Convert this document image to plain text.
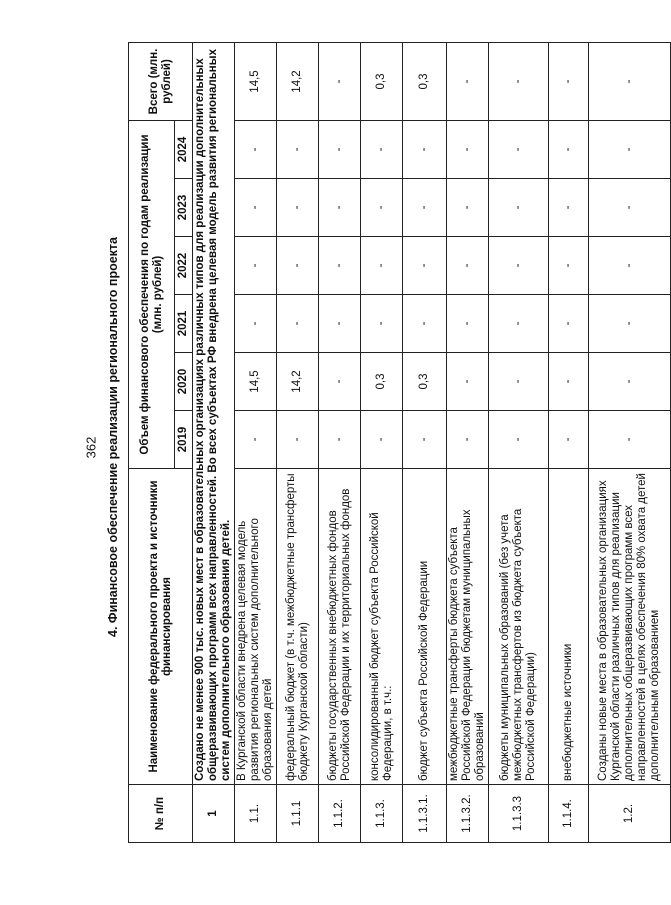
362 4. Финансовое обеспечение реализации регионального проекта
№ п/п	Наименование федерального проекта и источники финансирования	Объем финансового обеспечения по годам реализации (млн. рублей)						Всего (млн. рублей)
		2019	2020	2021	2022	2023	2024	
1	Создано не менее 900 тыс. новых мест в образовательных организациях различных типов для реализации дополнительных общеразвивающих программ всех направленностей. Во всех субъектах РФ внедрена целевая модель развития региональных систем дополнительного образования детей.							
1.1.	В Курганской области внедрена целевая модель развития региональных систем дополнительного образования детей	-	14,5	-	-	-	-	14,5
1.1.1	федеральный бюджет (в т.ч. межбюджетные трансферты бюджету Курганской области)	-	14,2	-	-	-	-	14,2
1.1.2.	бюджеты государственных внебюджетных фондов Российской Федерации и их территориальных фондов	-	-	-	-	-	-	-
1.1.3.	консолидированный бюджет субъекта Российской Федерации, в т.ч.:	-	0,3	-	-	-	-	0,3
1.1.3.1.	бюджет субъекта Российской Федерации	-	0,3	-	-	-	-	0,3
1.1.3.2.	межбюджетные трансферты бюджета субъекта Российской Федерации бюджетам муниципальных образований	-	-	-	-	-	-	-
1.1.3.3	бюджеты муниципальных образований (без учета межбюджетных трансфертов из бюджета субъекта Российской Федерации)	-	-	-	-	-	-	-
1.1.4.	внебюджетные источники	-	-	-	-	-	-	-
1.2.	Созданы новые места в образовательных организациях Курганской области различных типов для реализации дополнительных общеразвивающих программ всех направленностей в целях обеспечения 80% охвата детей дополнительным образованием	-	-	-	-	-	-	-
